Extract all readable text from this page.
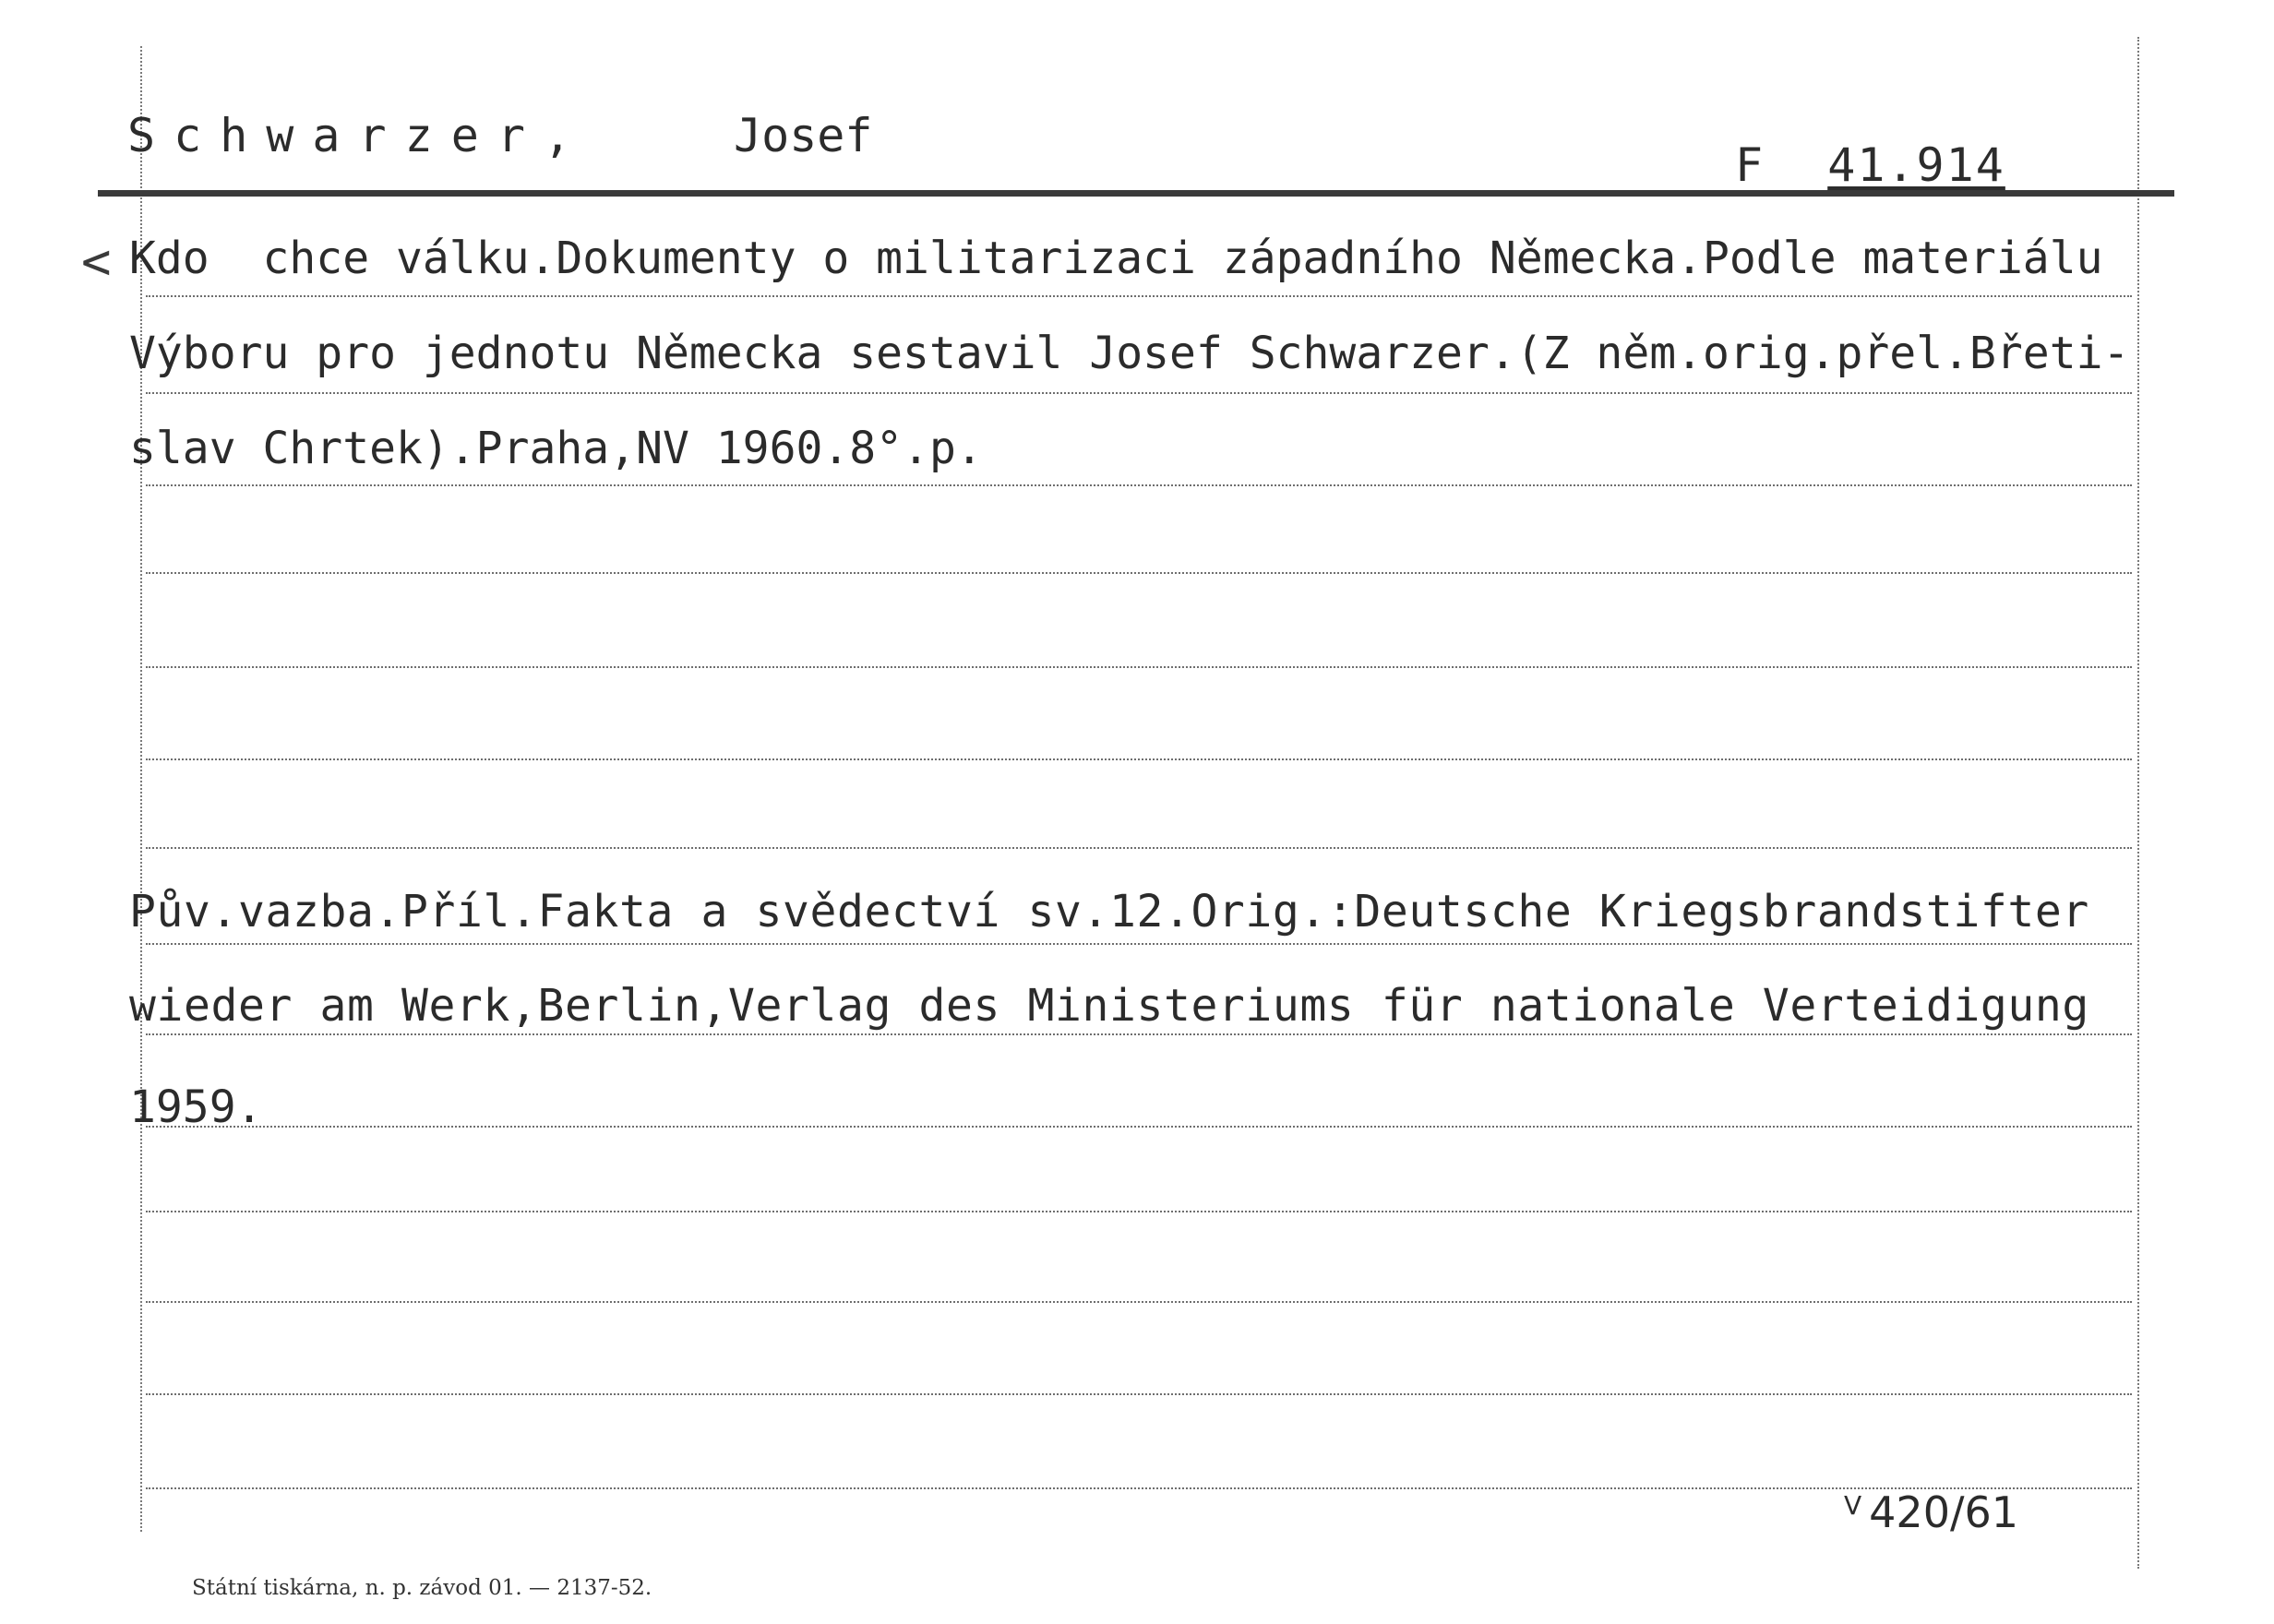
Schwarzer,	Josef
F 41.914
< Kdo  chce válku.Dokumenty o militarizaci západního Německa.Podle materiálu
Výboru pro jednotu Německa sestavil Josef Schwarzer.(Z něm.orig.přel.Břeti-
slav Chrtek).Praha,NV 1960.8°.p.
Pův.vazba.Příl.Fakta a svědectví sv.12.Orig.:Deutsche Kriegsbrandstifter
wieder am Werk,Berlin,Verlag des Ministeriums für nationale Verteidigung
1959.
$^V$ 420/61
Státní tiskárna, n. p. závod 01. — 2137-52.
